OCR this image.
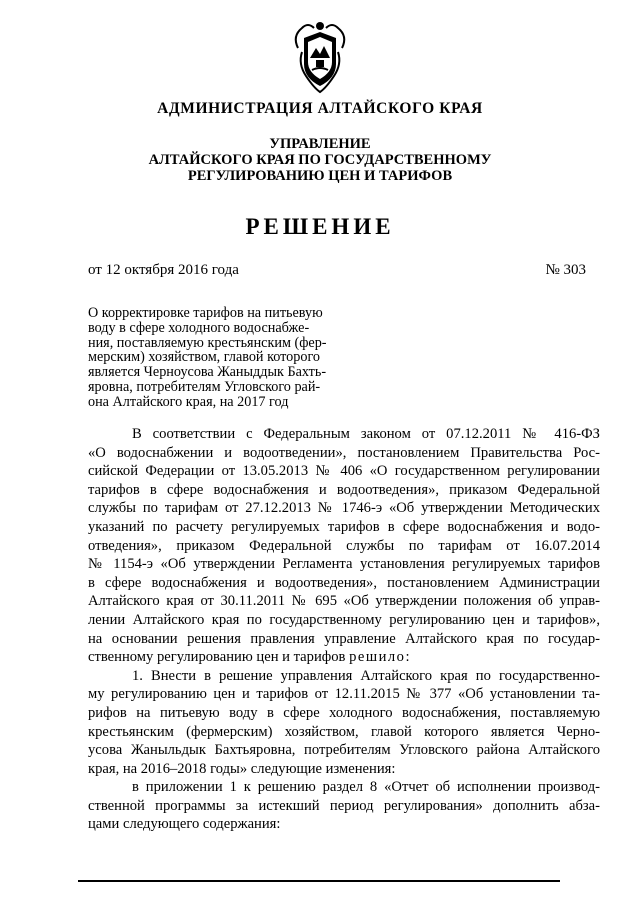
АДМИНИСТРАЦИЯ АЛТАЙСКОГО КРАЯ
УПРАВЛЕНИЕ
АЛТАЙСКОГО КРАЯ ПО ГОСУДАРСТВЕННОМУ
РЕГУЛИРОВАНИЮ ЦЕН И ТАРИФОВ
РЕШЕНИЕ
от 12 октября 2016 года	№ 303
О корректировке тарифов на питьевую
воду в сфере холодного водоснабже-
ния, поставляемую крестьянским (фер-
мерским) хозяйством, главой которого
является Черноусова Жаныддык Бахть-
яровна, потребителям Угловского рай-
она Алтайского края, на 2017 год
В соответствии с Федеральным законом от 07.12.2011 № 416-ФЗ
«О водоснабжении и водоотведении», постановлением Правительства Рос-
сийской Федерации от 13.05.2013 № 406 «О государственном регулировании
тарифов в сфере водоснабжения и водоотведения», приказом Федеральной
службы по тарифам от 27.12.2013 № 1746-э «Об утверждении Методических
указаний по расчету регулируемых тарифов в сфере водоснабжения и водо-
отведения», приказом Федеральной службы по тарифам от 16.07.2014
№ 1154-э «Об утверждении Регламента установления регулируемых тарифов
в сфере водоснабжения и водоотведения», постановлением Администрации
Алтайского края от 30.11.2011 № 695 «Об утверждении положения об управ-
лении Алтайского края по государственному регулированию цен и тарифов»,
на основании решения правления управление Алтайского края по государ-
ственному регулированию цен и тарифов решило:
1. Внести в решение управления Алтайского края по государственно-
му регулированию цен и тарифов от 12.11.2015 № 377 «Об установлении та-
рифов на питьевую воду в сфере холодного водоснабжения, поставляемую
крестьянским (фермерским) хозяйством, главой которого является Черно-
усова Жаныльдык Бахтьяровна, потребителям Угловского района Алтайского
края, на 2016–2018 годы» следующие изменения:
в приложении 1 к решению раздел 8 «Отчет об исполнении производ-
ственной программы за истекший период регулирования» дополнить абза-
цами следующего содержания:
